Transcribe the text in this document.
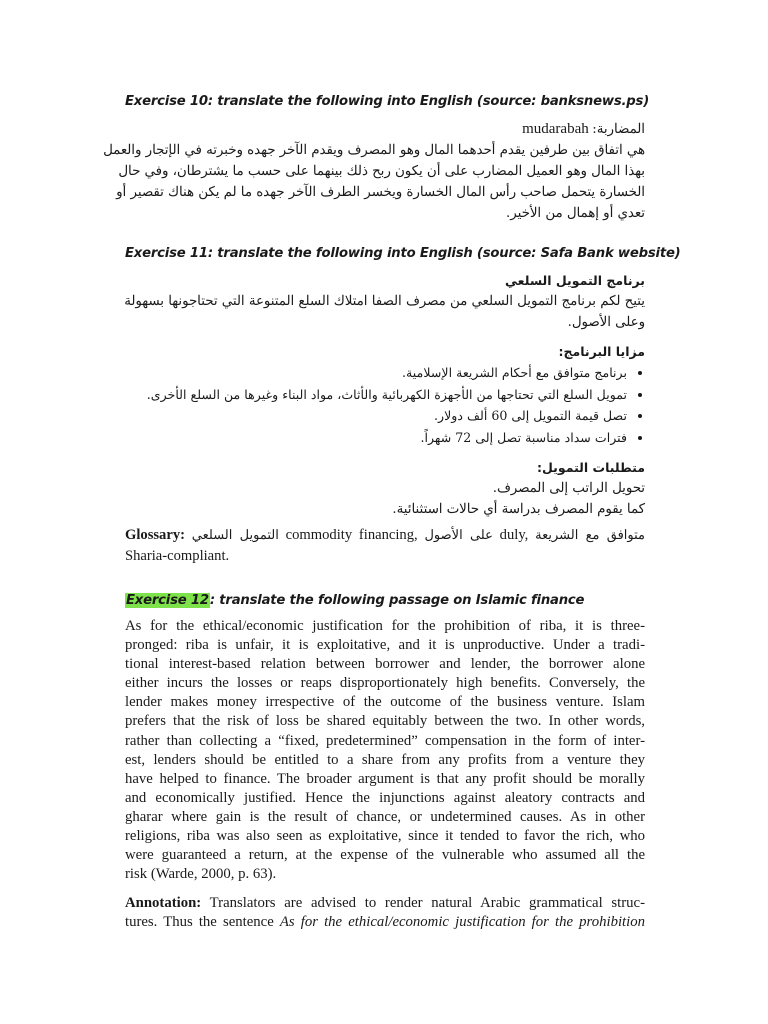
Exercise 10: translate the following into English (source: banksnews.ps)

المضاربة: mudarabah

هي اتفاق بين طرفين يقدم أحدهما المال وهو المصرف ويقدم الآخر جهده وخبرته في الإتجار والعمل

بهذا المال وهو العميل المضارب على أن يكون ربح ذلك بينهما على حسب ما يشترطان، وفي حال

الخسارة يتحمل صاحب رأس المال الخسارة ويخسر الطرف الآخر جهده ما لم يكن هناك تقصير أو

تعدي أو إهمال من الأخير.

Exercise 11: translate the following into English (source: Safa Bank website)

برنامج التمويل السلعي

يتيح لكم برنامج التمويل السلعي من مصرف الصفا امتلاك السلع المتنوعة التي تحتاجونها بسهولة

وعلى الأصول.

مزايا البرنامج:

• برنامج متوافق مع أحكام الشريعة الإسلامية.
• تمويل السلع التي تحتاجها من الأجهزة الكهربائية والأثاث، مواد البناء وغيرها من السلع الأخرى.
• تصل قيمة التمويل إلى 60 ألف دولار.
• فترات سداد مناسبة تصل إلى 72 شهراً.

متطلبات التمويل:

تحويل الراتب إلى المصرف.

كما يقوم المصرف بدراسة أي حالات استثنائية.

Glossary: التمويل السلعي commodity financing, على الأصول duly, متوافق مع الشريعة

Sharia-compliant.

Exercise 12: translate the following passage on Islamic finance
As for the ethical/economic justification for the prohibition of riba, it is three-
pronged: riba is unfair, it is exploitative, and it is unproductive. Under a tradi-
tional interest-based relation between borrower and lender, the borrower alone
either incurs the losses or reaps disproportionately high benefits. Conversely, the
lender makes money irrespective of the outcome of the business venture. Islam
prefers that the risk of loss be shared equitably between the two. In other words,
rather than collecting a “fixed, predetermined” compensation in the form of inter-
est, lenders should be entitled to a share from any profits from a venture they
have helped to finance. The broader argument is that any profit should be morally
and economically justified. Hence the injunctions against aleatory contracts and
gharar where gain is the result of chance, or undetermined causes. As in other
religions, riba was also seen as exploitative, since it tended to favor the rich, who
were guaranteed a return, at the expense of the vulnerable who assumed all the
risk (Warde, 2000, p. 63).
Annotation: Translators are advised to render natural Arabic grammatical struc-
tures. Thus the sentence As for the ethical/economic justification for the prohibition
